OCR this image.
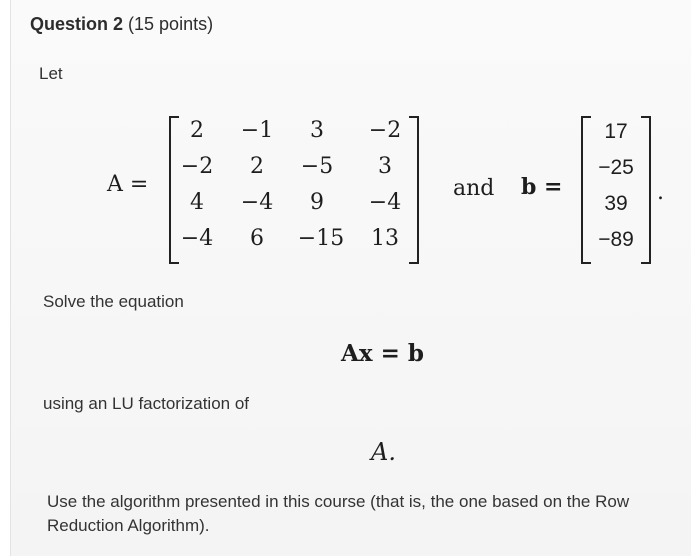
Question 2 (15 points)
Let
A =
2	−1	3	−2
−2	2	−5	3
4	−4	9	−4
−4	6	−15	13
and b =
17
−25
39
−89
.
Solve the equation
Ax = b
using an LU factorization of
A.
Use the algorithm presented in this course (that is, the one based on the Row Reduction Algorithm).
